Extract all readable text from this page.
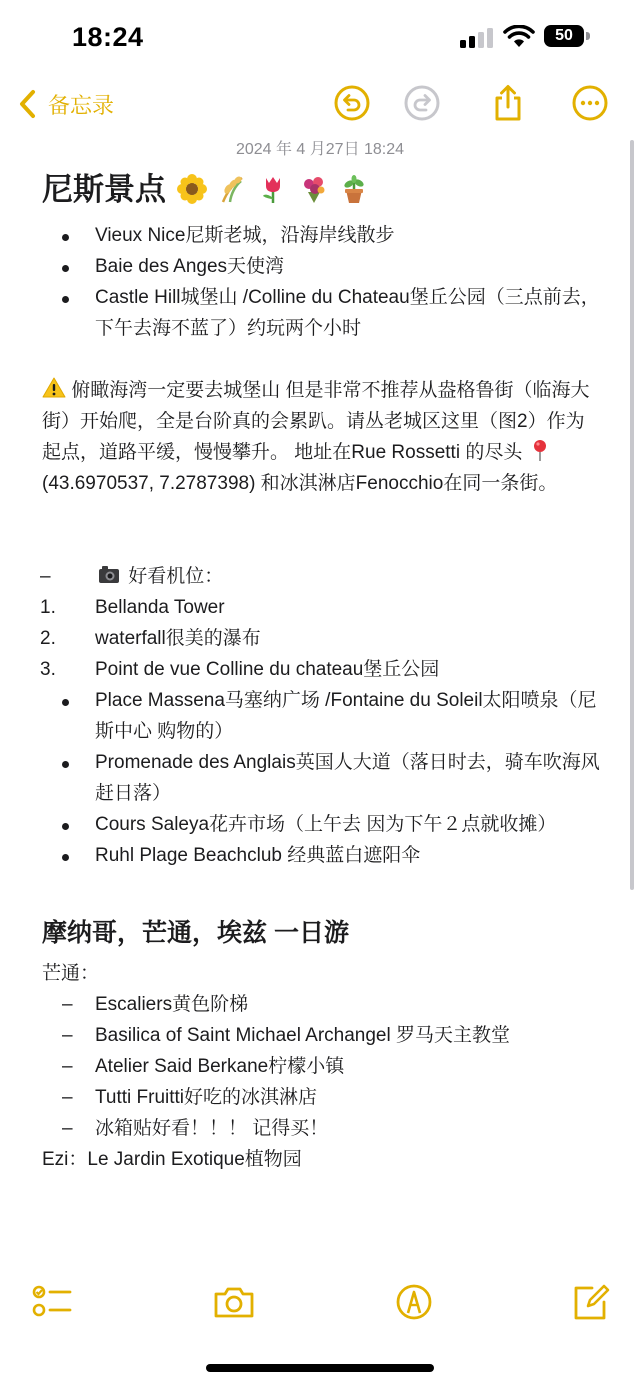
18:24	50
备忘录
2024 年 4 月27日 18:24
尼斯景点
Vieux Nice尼斯老城，沿海岸线散步
Baie des Anges天使湾
Castle Hill城堡山 /Colline du Chateau堡丘公园（三点前去，下午去海不蓝了）约玩两个小时

俯瞰海湾一定要去城堡山 但是非常不推荐从盎格鲁街（临海大街）开始爬，全是台阶真的会累趴。请丛老城区这里（图2）作为起点，道路平缓，慢慢攀升。 地址在Rue Rossetti 的尽头  (43.6970537, 7.2787398) 和冰淇淋店Fenocchio在同一条街。

–	好看机位：
1.	Bellanda Tower
2.	waterfall很美的瀑布
3.	Point de vue Colline du chateau堡丘公园
Place Massena马塞纳广场 /Fontaine du Soleil太阳喷泉（尼斯中心 购物的）
Promenade des Anglais英国人大道（落日时去，骑车吹海风赶日落）
Cours Saleya花卉市场（上午去 因为下午２点就收摊）
Ruhl Plage Beachclub 经典蓝白遮阳伞
摩纳哥，芒通，埃兹 一日游

芒通：

–	Escaliers黄色阶梯
–	Basilica of Saint Michael Archangel 罗马天主教堂
–	Atelier Said Berkane柠檬小镇
–	Tutti Fruitti好吃的冰淇淋店
–	冰箱贴好看！！！ 记得买！

Ezi：Le Jardin Exotique植物园
